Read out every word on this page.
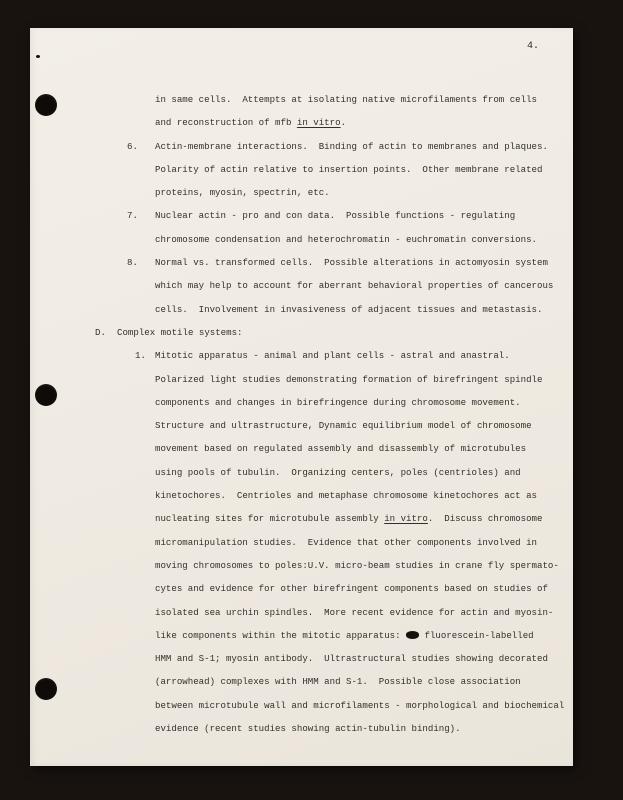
4.
in same cells.  Attempts at isolating native microfilaments from cells
and reconstruction of mfb in vitro.
6. Actin-membrane interactions.  Binding of actin to membranes and plaques.
Polarity of actin relative to insertion points.  Other membrane related
proteins, myosin, spectrin, etc.
7. Nuclear actin - pro and con data.  Possible functions - regulating
chromosome condensation and heterochromatin - euchromatin conversions.
8. Normal vs. transformed cells.  Possible alterations in actomyosin system
which may help to account for aberrant behavioral properties of cancerous
cells.  Involvement in invasiveness of adjacent tissues and metastasis.
D. Complex motile systems:
1. Mitotic apparatus - animal and plant cells - astral and anastral.
Polarized light studies demonstrating formation of birefringent spindle
components and changes in birefringence during chromosome movement.
Structure and ultrastructure, Dynamic equilibrium model of chromosome
movement based on regulated assembly and disassembly of microtubules
using pools of tubulin.  Organizing centers, poles (centrioles) and
kinetochores.  Centrioles and metaphase chromosome kinetochores act as
nucleating sites for microtubule assembly in vitro.  Discuss chromosome
micromanipulation studies.  Evidence that other components involved in
moving chromosomes to poles:U.V. micro-beam studies in crane fly spermato-
cytes and evidence for other birefringent components based on studies of
isolated sea urchin spindles.  More recent evidence for actin and myosin-
like components within the mitotic apparatus:  fluorescein-labelled
HMM and S-1; myosin antibody.  Ultrastructural studies showing decorated
(arrowhead) complexes with HMM and S-1.  Possible close association
between microtubule wall and microfilaments - morphological and biochemical
evidence (recent studies showing actin-tubulin binding).
